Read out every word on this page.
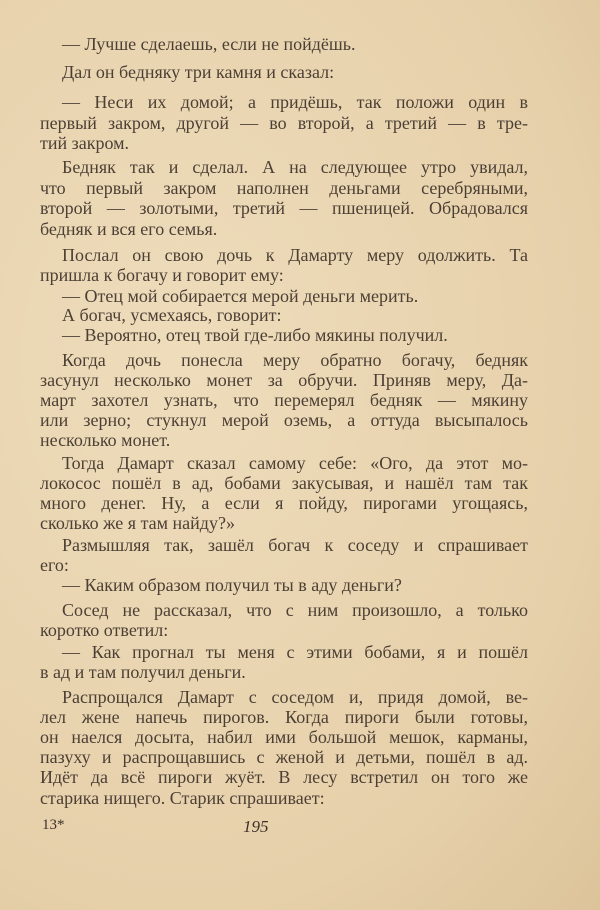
— Лучше сделаешь, если не пойдёшь.
Дал он бедняку три камня и сказал:
— Неси их домой; а придёшь, так положи один в
первый закром, другой — во второй, а третий — в тре-
тий закром.
Бедняк так и сделал. А на следующее утро увидал,
что первый закром наполнен деньгами серебряными,
второй — золотыми, третий — пшеницей. Обрадовался
бедняк и вся его семья.
Послал он свою дочь к Дамарту меру одолжить. Та
пришла к богачу и говорит ему:
— Отец мой собирается мерой деньги мерить.
А богач, усмехаясь, говорит:
— Вероятно, отец твой где-либо мякины получил.
Когда дочь понесла меру обратно богачу, бедняк
засунул несколько монет за обручи. Приняв меру, Да-
март захотел узнать, что перемерял бедняк — мякину
или зерно; стукнул мерой оземь, а оттуда высыпалось
несколько монет.
Тогда Дамарт сказал самому себе: «Ого, да этот мо-
локосос пошёл в ад, бобами закусывая, и нашёл там так
много денег. Ну, а если я пойду, пирогами угощаясь,
сколько же я там найду?»
Размышляя так, зашёл богач к соседу и спрашивает
его:
— Каким образом получил ты в аду деньги?
Сосед не рассказал, что с ним произошло, а только
коротко ответил:
— Как прогнал ты меня с этими бобами, я и пошёл
в ад и там получил деньги.
Распрощался Дамарт с соседом и, придя домой, ве-
лел жене напечь пирогов. Когда пироги были готовы,
он наелся досыта, набил ими большой мешок, карманы,
пазуху и распрощавшись с женой и детьми, пошёл в ад.
Идёт да всё пироги жуёт. В лесу встретил он того же
старика нищего. Старик спрашивает:
13*	195
